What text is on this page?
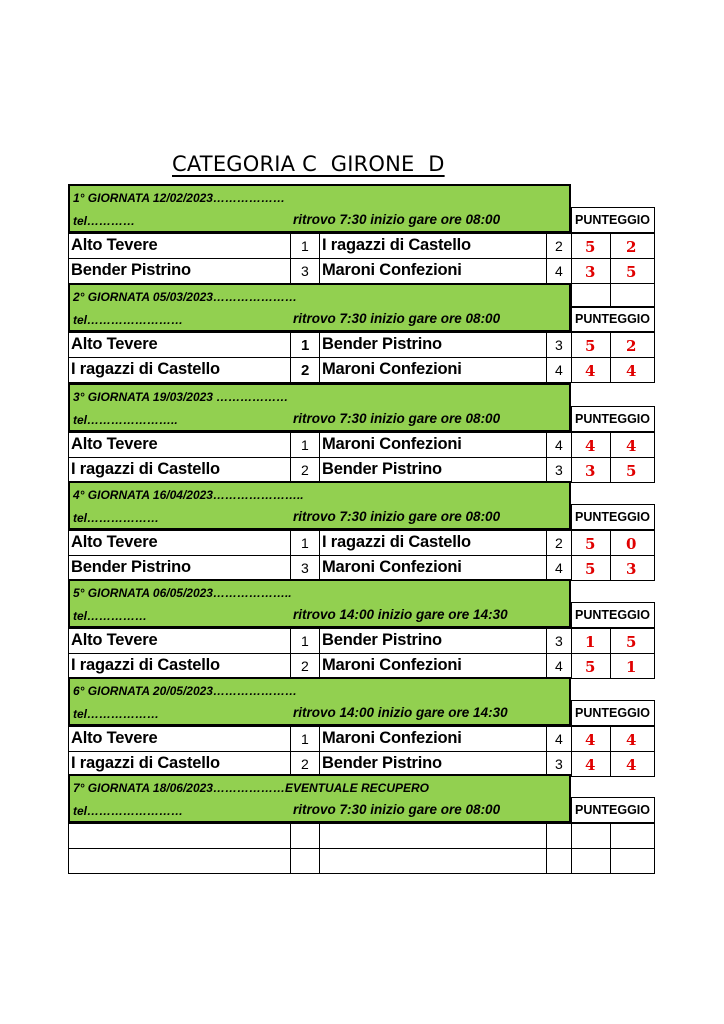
CATEGORIA C  GIRONE  D
1° GIORNATA 12/02/2023………………
tel…………	ritrovo 7:30 inizio gare ore 08:00	PUNTEGGIO
Alto Tevere	1 I ragazzi di Castello	2 5 2
Bender Pistrino	3 Maroni Confezioni	4 3 5
2° GIORNATA 05/03/2023…………………
tel……………………	ritrovo 7:30 inizio gare ore 08:00	PUNTEGGIO
Alto Tevere	1 Bender Pistrino	3 5 2
I ragazzi di Castello	2 Maroni Confezioni	4 4 4
3° GIORNATA 19/03/2023 ………………
tel…………………..	ritrovo 7:30 inizio gare ore 08:00	PUNTEGGIO
Alto Tevere	1 Maroni Confezioni	4 4 4
I ragazzi di Castello	2 Bender Pistrino	3 3 5
4° GIORNATA 16/04/2023…………………..
tel………………	ritrovo 7:30 inizio gare ore 08:00	PUNTEGGIO
Alto Tevere	1 I ragazzi di Castello	2 5 0
Bender Pistrino	3 Maroni Confezioni	4 5 3
5° GIORNATA 06/05/2023………………..
tel……………	ritrovo 14:00 inizio gare ore 14:30	PUNTEGGIO
Alto Tevere	1 Bender Pistrino	3 1 5
I ragazzi di Castello	2 Maroni Confezioni	4 5 1
6° GIORNATA 20/05/2023…………………
tel………………	ritrovo 14:00 inizio gare ore 14:30	PUNTEGGIO
Alto Tevere	1 Maroni Confezioni	4 4 4
I ragazzi di Castello	2 Bender Pistrino	3 4 4
7° GIORNATA 18/06/2023………………EVENTUALE RECUPERO
tel……………………	ritrovo 7:30 inizio gare ore 08:00	PUNTEGGIO
